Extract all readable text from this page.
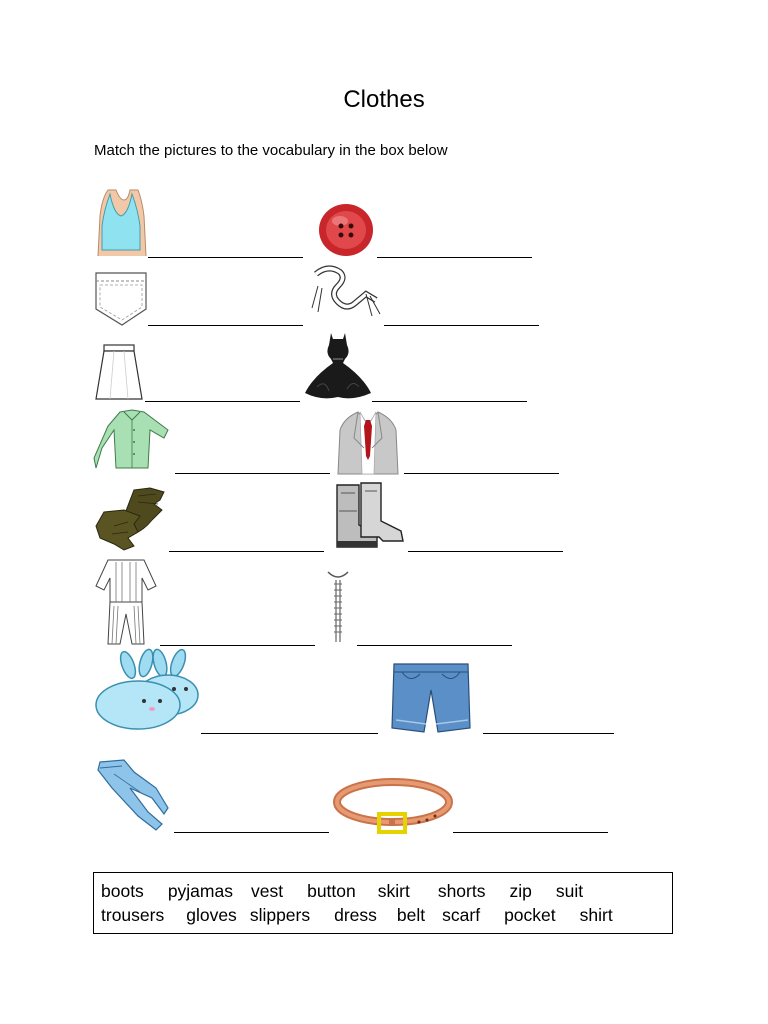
Clothes
Match the pictures to the vocabulary in the box below
boots pyjamas vest button skirt shorts zip suit
trousers gloves slippers dress belt scarf pocket shirt
